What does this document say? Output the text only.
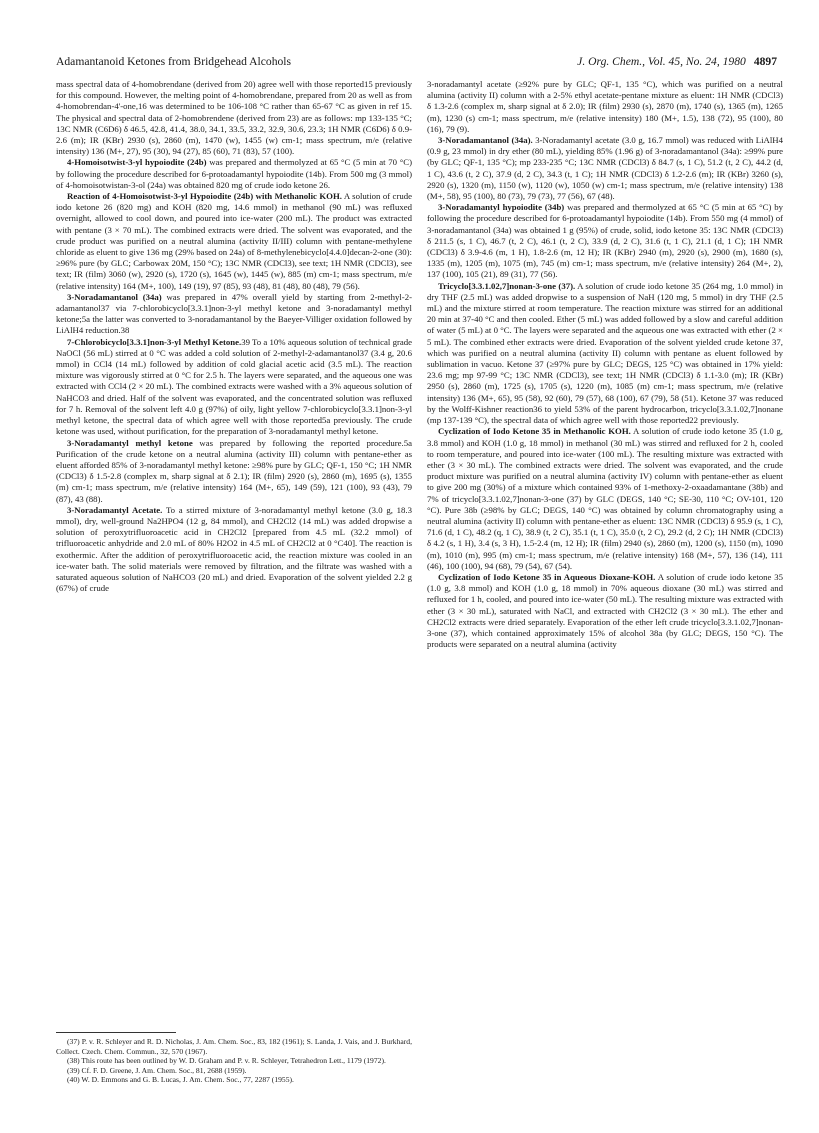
Adamantanoid Ketones from Bridgehead Alcohols	J. Org. Chem., Vol. 45, No. 24, 1980 4897

mass spectral data of 4-homobrendane (derived from 20) agree well with those reported15 previously for this compound. However, the melting point of 4-homobrendane, prepared from 20 as well as from 4-homobrendan-4'-one,16 was determined to be 106-108 °C rather than 65-67 °C as given in ref 15. The physical and spectral data of 2-homobrendene (derived from 23) are as follows: mp 133-135 °C; 13C NMR (C6D6) δ 46.5, 42.8, 41.4, 38.0, 34.1, 33.5, 33.2, 32.9, 30.6, 23.3; 1H NMR (C6D6) δ 0.9-2.6 (m); IR (KBr) 2930 (s), 2860 (m), 1470 (w), 1455 (w) cm-1; mass spectrum, m/e (relative intensity) 136 (M+, 27), 95 (30), 94 (27), 85 (60), 71 (83), 57 (100).

4-Homoisotwist-3-yl hypoiodite (24b) was prepared and thermolyzed at 65 °C (5 min at 70 °C) by following the procedure described for 6-protoadamantyl hypoiodite (14b). From 500 mg (3 mmol) of 4-homoisotwistan-3-ol (24a) was obtained 820 mg of crude iodo ketone 26.

Reaction of 4-Homoisotwist-3-yl Hypoiodite (24b) with Methanolic KOH. A solution of crude iodo ketone 26 (820 mg) and KOH (820 mg, 14.6 mmol) in methanol (90 mL) was refluxed overnight, allowed to cool down, and poured into ice-water (200 mL). The product was extracted with pentane (3 × 70 mL). The combined extracts were dried. The solvent was evaporated, and the crude product was purified on a neutral alumina (activity II/III) column with pentane-methylene chloride as eluent to give 136 mg (29% based on 24a) of 8-methylenebicyclo[4.4.0]decan-2-one (30): ≥96% pure (by GLC; Carbowax 20M, 150 °C); 13C NMR (CDCl3), see text; 1H NMR (CDCl3), see text; IR (film) 3060 (w), 2920 (s), 1720 (s), 1645 (w), 1445 (w), 885 (m) cm-1; mass spectrum, m/e (relative intensity) 164 (M+, 100), 149 (19), 97 (85), 93 (48), 81 (48), 80 (48), 79 (56).

3-Noradamantanol (34a) was prepared in 47% overall yield by starting from 2-methyl-2-adamantanol37 via 7-chlorobicyclo[3.3.1]non-3-yl methyl ketone and 3-noradamantyl methyl ketone;5a the latter was converted to 3-noradamantanol by the Baeyer-Villiger oxidation followed by LiAlH4 reduction.38

7-Chlorobicyclo[3.3.1]non-3-yl Methyl Ketone.39 To a 10% aqueous solution of technical grade NaOCl (56 mL) stirred at 0 °C was added a cold solution of 2-methyl-2-adamantanol37 (3.4 g, 20.6 mmol) in CCl4 (14 mL) followed by addition of cold glacial acetic acid (3.5 mL). The reaction mixture was vigorously stirred at 0 °C for 2.5 h. The layers were separated, and the aqueous one was extracted with CCl4 (2 × 20 mL). The combined extracts were washed with a 3% aqueous solution of NaHCO3 and dried. Half of the solvent was evaporated, and the concentrated solution was refluxed for 7 h. Removal of the solvent left 4.0 g (97%) of oily, light yellow 7-chlorobicyclo[3.3.1]non-3-yl methyl ketone, the spectral data of which agree well with those reported5a previously. The crude ketone was used, without purification, for the preparation of 3-noradamantyl methyl ketone.

3-Noradamantyl methyl ketone was prepared by following the reported procedure.5a Purification of the crude ketone on a neutral alumina (activity III) column with pentane-ether as eluent afforded 85% of 3-noradamantyl methyl ketone: ≥98% pure by GLC; QF-1, 150 °C; 1H NMR (CDCl3) δ 1.5-2.8 (complex m, sharp signal at δ 2.1); IR (film) 2920 (s), 2860 (m), 1695 (s), 1355 (m) cm-1; mass spectrum, m/e (relative intensity) 164 (M+, 65), 149 (59), 121 (100), 93 (43), 79 (87), 43 (88).

3-Noradamantyl Acetate. To a stirred mixture of 3-noradamantyl methyl ketone (3.0 g, 18.3 mmol), dry, well-ground Na2HPO4 (12 g, 84 mmol), and CH2Cl2 (14 mL) was added dropwise a solution of peroxytrifluoroacetic acid in CH2Cl2 [prepared from 4.5 mL (32.2 mmol) of trifluoroacetic anhydride and 2.0 mL of 80% H2O2 in 4.5 mL of CH2Cl2 at 0 °C40]. The reaction is exothermic. After the addition of peroxytrifluoroacetic acid, the reaction mixture was cooled in an ice-water bath. The solid materials were removed by filtration, and the filtrate was washed with a saturated aqueous solution of NaHCO3 (20 mL) and dried. Evaporation of the solvent yielded 2.2 g (67%) of crude

3-noradamantyl acetate (≥92% pure by GLC; QF-1, 135 °C), which was purified on a neutral alumina (activity II) column with a 2-5% ethyl acetate-pentane mixture as eluent: 1H NMR (CDCl3) δ 1.3-2.6 (complex m, sharp signal at δ 2.0); IR (film) 2930 (s), 2870 (m), 1740 (s), 1365 (m), 1265 (m), 1230 (s) cm-1; mass spectrum, m/e (relative intensity) 180 (M+, 1.5), 138 (72), 95 (100), 80 (16), 79 (9).

3-Noradamantanol (34a). 3-Noradamantyl acetate (3.0 g, 16.7 mmol) was reduced with LiAlH4 (0.9 g, 23 mmol) in dry ether (80 mL), yielding 85% (1.96 g) of 3-noradamantanol (34a): ≥99% pure (by GLC; QF-1, 135 °C); mp 233-235 °C; 13C NMR (CDCl3) δ 84.7 (s, 1 C), 51.2 (t, 2 C), 44.2 (d, 1 C), 43.6 (t, 2 C), 37.9 (d, 2 C), 34.3 (t, 1 C); 1H NMR (CDCl3) δ 1.2-2.6 (m); IR (KBr) 3260 (s), 2920 (s), 1320 (m), 1150 (w), 1120 (w), 1050 (w) cm-1; mass spectrum, m/e (relative intensity) 138 (M+, 58), 95 (100), 80 (73), 79 (73), 77 (56), 67 (48).

3-Noradamantyl hypoiodite (34b) was prepared and thermolyzed at 65 °C (5 min at 65 °C) by following the procedure described for 6-protoadamantyl hypoiodite (14b). From 550 mg (4 mmol) of 3-noradamantanol (34a) was obtained 1 g (95%) of crude, solid, iodo ketone 35: 13C NMR (CDCl3) δ 211.5 (s, 1 C), 46.7 (t, 2 C), 46.1 (t, 2 C), 33.9 (d, 2 C), 31.6 (t, 1 C), 21.1 (d, 1 C); 1H NMR (CDCl3) δ 3.9-4.6 (m, 1 H), 1.8-2.6 (m, 12 H); IR (KBr) 2940 (m), 2920 (s), 2900 (m), 1680 (s), 1335 (m), 1205 (m), 1075 (m), 745 (m) cm-1; mass spectrum, m/e (relative intensity) 264 (M+, 2), 137 (100), 105 (21), 89 (31), 77 (56).

Tricyclo[3.3.1.02,7]nonan-3-one (37). A solution of crude iodo ketone 35 (264 mg, 1.0 mmol) in dry THF (2.5 mL) was added dropwise to a suspension of NaH (120 mg, 5 mmol) in dry THF (2.5 mL) and the mixture stirred at room temperature. The reaction mixture was stirred for an additional 20 min at 37-40 °C and then cooled. Ether (5 mL) was added followed by a slow and careful addition of water (5 mL) at 0 °C. The layers were separated and the aqueous one was extracted with ether (2 × 5 mL). The combined ether extracts were dried. Evaporation of the solvent yielded crude ketone 37, which was purified on a neutral alumina (activity II) column with pentane as eluent followed by sublimation in vacuo. Ketone 37 (≥97% pure by GLC; DEGS, 125 °C) was obtained in 17% yield: 23.6 mg; mp 97-99 °C; 13C NMR (CDCl3), see text; 1H NMR (CDCl3) δ 1.1-3.0 (m); IR (KBr) 2950 (s), 2860 (m), 1725 (s), 1705 (s), 1220 (m), 1085 (m) cm-1; mass spectrum, m/e (relative intensity) 136 (M+, 65), 95 (58), 92 (60), 79 (57), 68 (100), 67 (79), 58 (51). Ketone 37 was reduced by the Wolff-Kishner reaction36 to yield 53% of the parent hydrocarbon, tricyclo[3.3.1.02,7]nonane (mp 137-139 °C), the spectral data of which agree well with those reported22 previously.

Cyclization of Iodo Ketone 35 in Methanolic KOH. A solution of crude iodo ketone 35 (1.0 g, 3.8 mmol) and KOH (1.0 g, 18 mmol) in methanol (30 mL) was stirred and refluxed for 2 h, cooled to room temperature, and poured into ice-water (100 mL). The resulting mixture was extracted with ether (3 × 30 mL). The combined extracts were dried. The solvent was evaporated, and the crude product mixture was purified on a neutral alumina (activity IV) column with pentane-ether as eluent to give 200 mg (30%) of a mixture which contained 93% of 1-methoxy-2-oxaadamantane (38b) and 7% of tricyclo[3.3.1.02,7]nonan-3-one (37) by GLC (DEGS, 140 °C; SE-30, 110 °C; OV-101, 120 °C). Pure 38b (≥98% by GLC; DEGS, 140 °C) was obtained by column chromatography using a neutral alumina (activity II) column with pentane-ether as eluent: 13C NMR (CDCl3) δ 95.9 (s, 1 C), 71.6 (d, 1 C), 48.2 (q, 1 C), 38.9 (t, 2 C), 35.1 (t, 1 C), 35.0 (t, 2 C), 29.2 (d, 2 C); 1H NMR (CDCl3) δ 4.2 (s, 1 H), 3.4 (s, 3 H), 1.5-2.4 (m, 12 H); IR (film) 2940 (s), 2860 (m), 1200 (s), 1150 (m), 1090 (m), 1010 (m), 995 (m) cm-1; mass spectrum, m/e (relative intensity) 168 (M+, 57), 136 (14), 111 (46), 100 (100), 94 (68), 79 (54), 67 (54).

Cyclization of Iodo Ketone 35 in Aqueous Dioxane-KOH. A solution of crude iodo ketone 35 (1.0 g, 3.8 mmol) and KOH (1.0 g, 18 mmol) in 70% aqueous dioxane (30 mL) was stirred and refluxed for 1 h, cooled, and poured into ice-water (50 mL). The resulting mixture was extracted with ether (3 × 30 mL), saturated with NaCl, and extracted with CH2Cl2 (3 × 30 mL). The ether and CH2Cl2 extracts were dried separately. Evaporation of the ether left crude tricyclo[3.3.1.02,7]nonan-3-one (37), which contained approximately 15% of alcohol 38a (by GLC; DEGS, 150 °C). The products were separated on a neutral alumina (activity

(37) P. v. R. Schleyer and R. D. Nicholas, J. Am. Chem. Soc., 83, 182 (1961); S. Landa, J. Vais, and J. Burkhard, Collect. Czech. Chem. Commun., 32, 570 (1967).

(38) This route has been outlined by W. D. Graham and P. v. R. Schleyer, Tetrahedron Lett., 1179 (1972).

(39) Cf. F. D. Greene, J. Am. Chem. Soc., 81, 2688 (1959).

(40) W. D. Emmons and G. B. Lucas, J. Am. Chem. Soc., 77, 2287 (1955).
